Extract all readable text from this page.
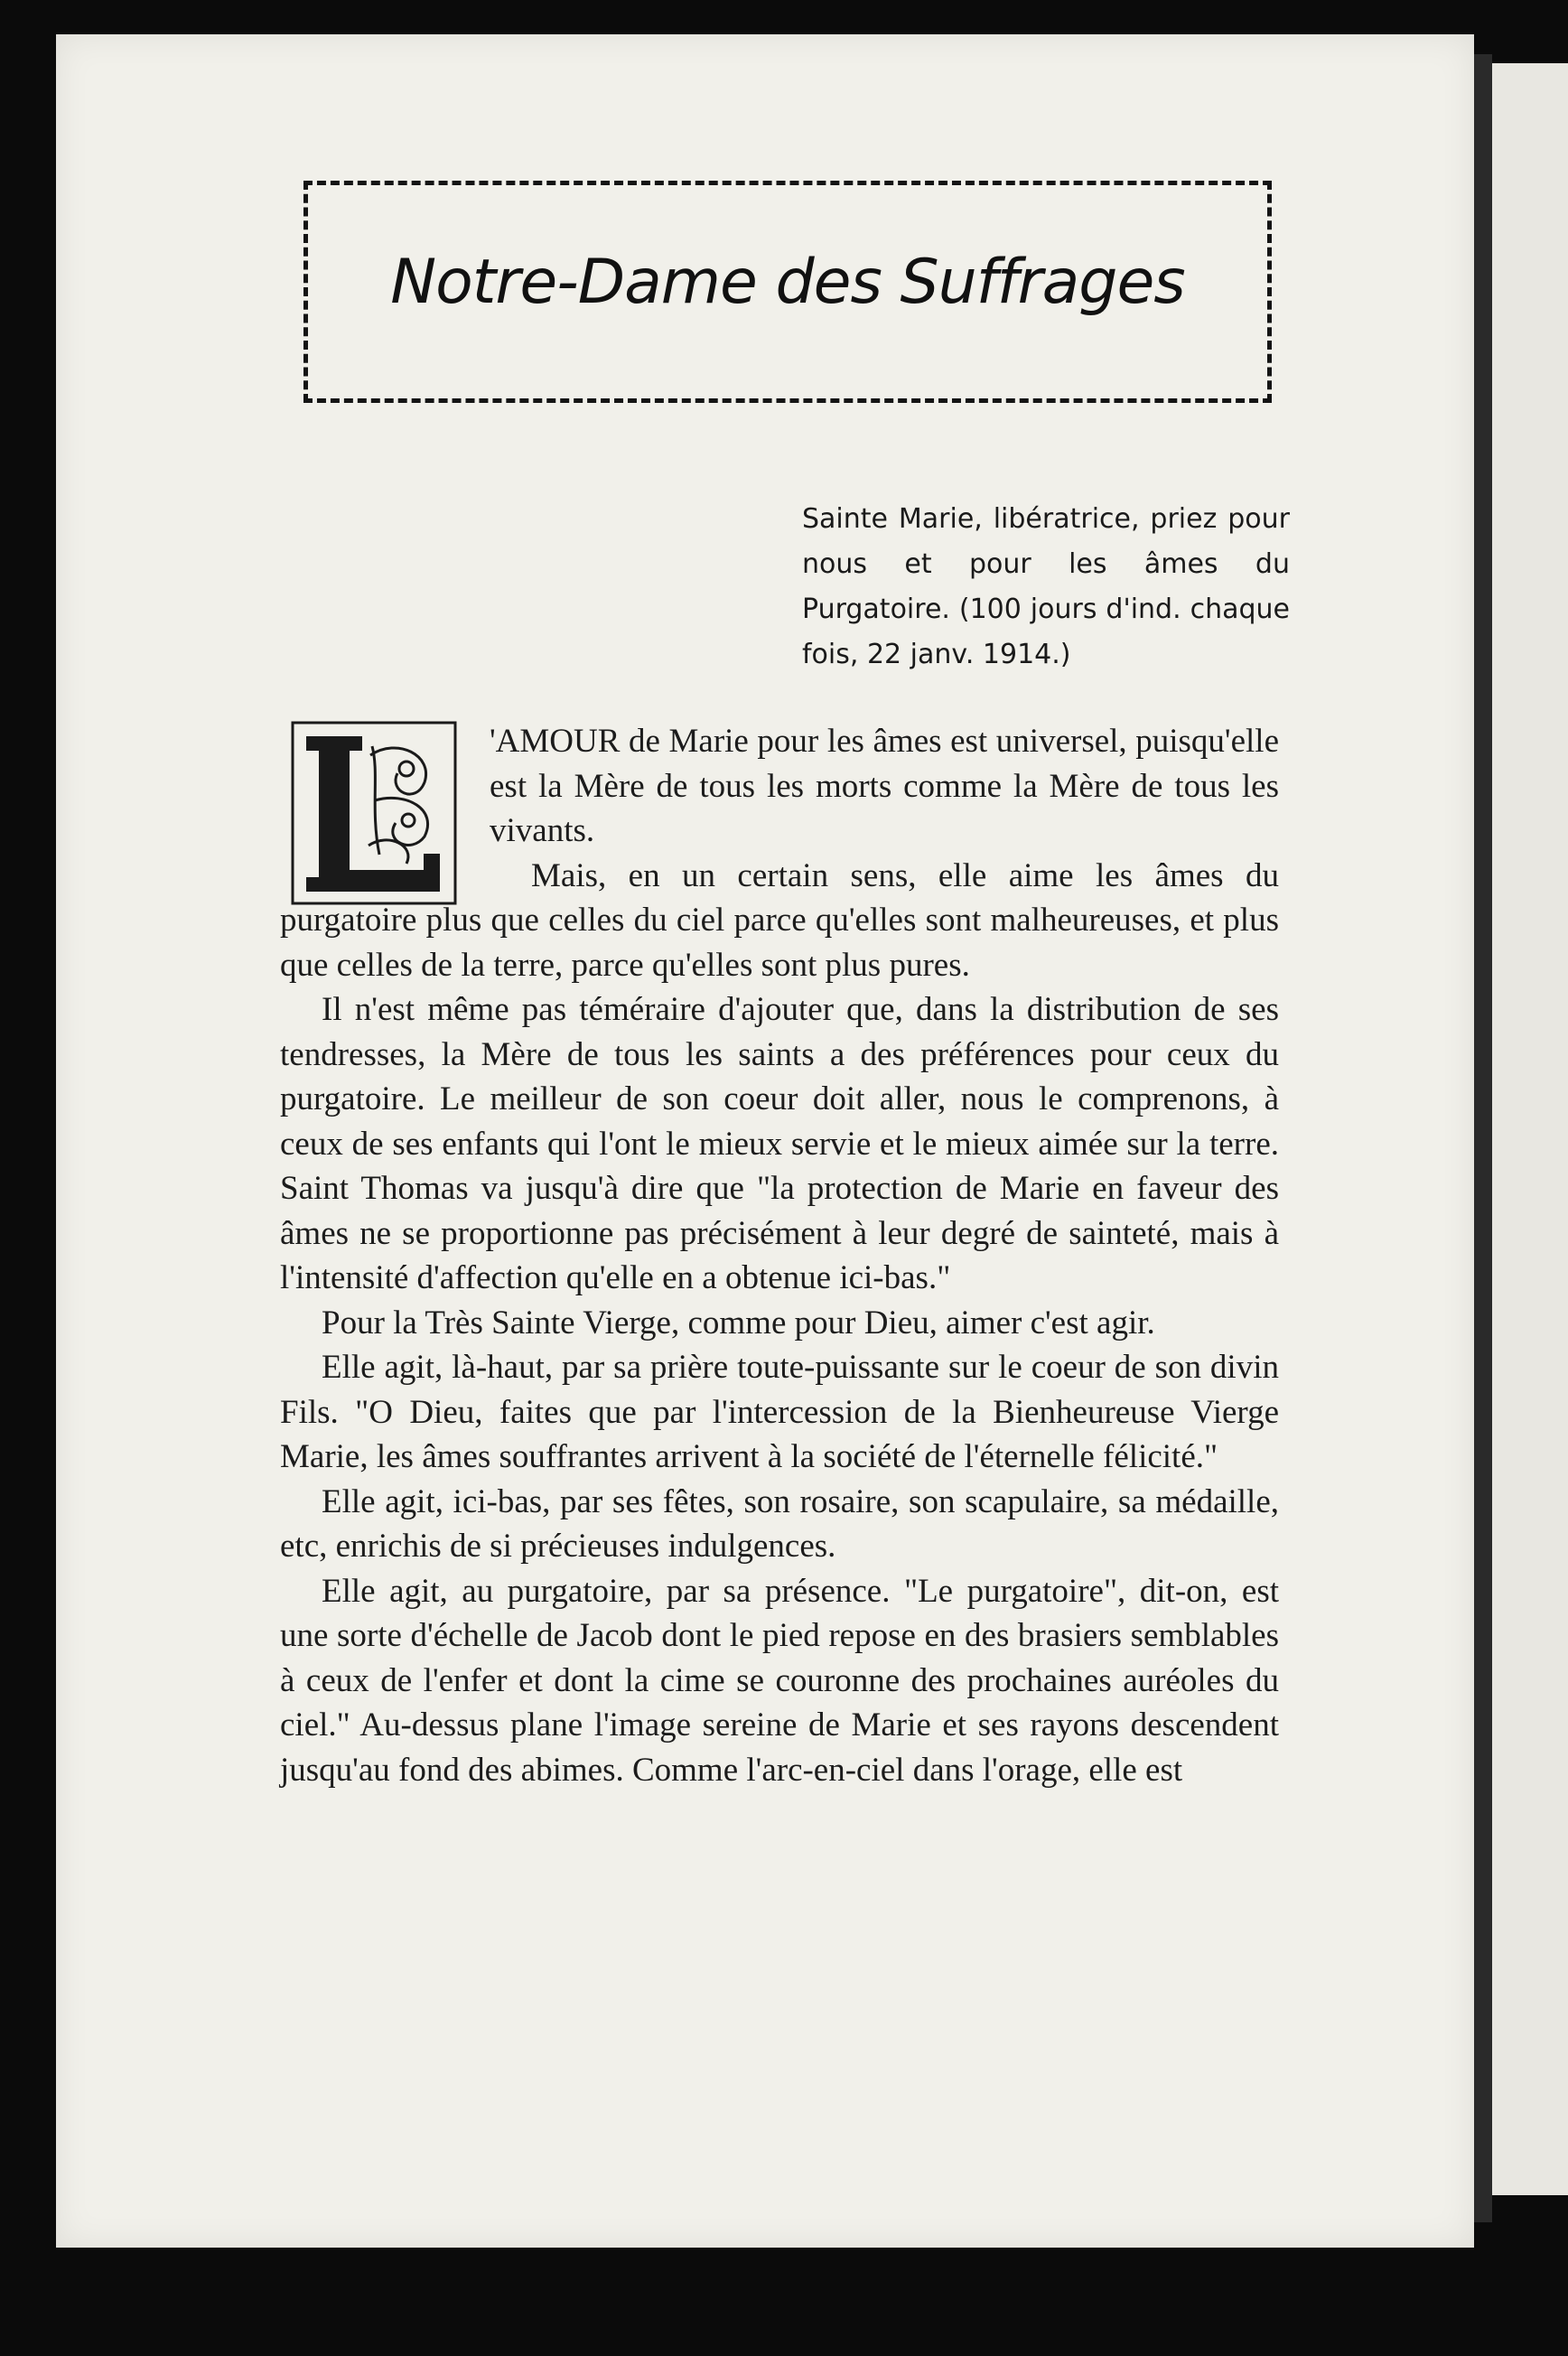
Notre-Dame des Suffrages
Sainte Marie, libératrice, priez pour nous et pour les âmes du Purgatoire. (100 jours d'ind. chaque fois, 22 janv. 1914.)

'AMOUR de Marie pour les âmes est universel, puisqu'elle est la Mère de tous les morts comme la Mère de tous les vivants.

Mais, en un certain sens, elle aime les âmes du purgatoire plus que celles du ciel parce qu'elles sont malheureuses, et plus que celles de la terre, parce qu'elles sont plus pures.

Il n'est même pas téméraire d'ajouter que, dans la distribution de ses tendresses, la Mère de tous les saints a des préférences pour ceux du purgatoire. Le meilleur de son coeur doit aller, nous le comprenons, à ceux de ses enfants qui l'ont le mieux servie et le mieux aimée sur la terre. Saint Thomas va jusqu'à dire que "la protection de Marie en faveur des âmes ne se proportionne pas précisément à leur degré de sainteté, mais à l'intensité d'affection qu'elle en a obtenue ici-bas."

Pour la Très Sainte Vierge, comme pour Dieu, aimer c'est agir.

Elle agit, là-haut, par sa prière toute-puissante sur le coeur de son divin Fils. "O Dieu, faites que par l'intercession de la Bienheureuse Vierge Marie, les âmes souffrantes arrivent à la société de l'éternelle félicité."

Elle agit, ici-bas, par ses fêtes, son rosaire, son scapulaire, sa médaille, etc, enrichis de si précieuses indulgences.

Elle agit, au purgatoire, par sa présence. "Le purgatoire", dit-on, est une sorte d'échelle de Jacob dont le pied repose en des brasiers semblables à ceux de l'enfer et dont la cime se couronne des prochaines auréoles du ciel." Au-dessus plane l'image sereine de Marie et ses rayons descendent jusqu'au fond des abimes. Comme l'arc-en-ciel dans l'orage, elle est
